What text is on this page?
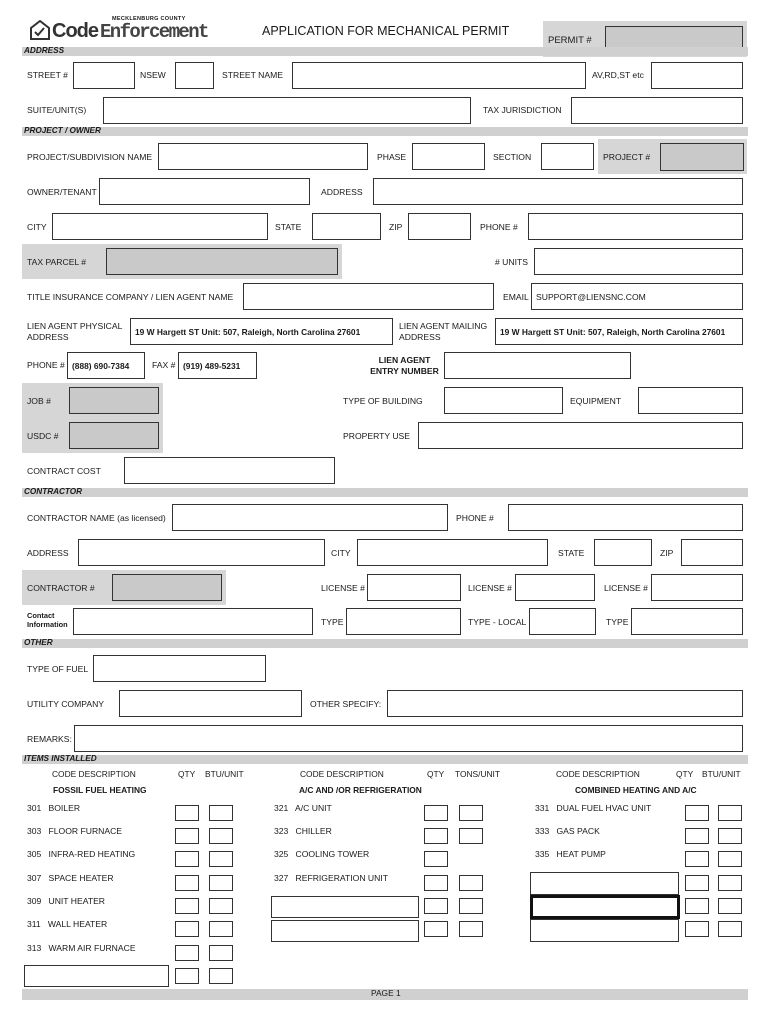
MECKLENBURG COUNTY
Code Enforcement	APPLICATION FOR MECHANICAL PERMIT
PERMIT #
ADDRESS
STREET #	NSEW	STREET NAME	AV,RD,ST etc
SUITE/UNIT(S)	TAX JURISDICTION
PROJECT / OWNER
PROJECT/SUBDIVISION NAME	PHASE	SECTION	PROJECT #
OWNER/TENANT	ADDRESS
CITY	STATE	ZIP	PHONE #
TAX PARCEL #	# UNITS
TITLE INSURANCE COMPANY / LIEN AGENT NAME	EMAIL SUPPORT@LIENSNC.COM
LIEN AGENT PHYSICAL ADDRESS
19 W Hargett ST Unit: 507, Raleigh, North Carolina 27601
LIEN AGENT MAILING ADDRESS
19 W Hargett ST Unit: 507, Raleigh, North Carolina 27601
PHONE # (888) 690-7384	FAX # (919) 489-5231
LIEN AGENT ENTRY NUMBER
JOB #
USDC #
TYPE OF BUILDING	EQUIPMENT
PROPERTY USE
CONTRACT COST
CONTRACTOR
CONTRACTOR NAME (as licensed)	PHONE #
ADDRESS	CITY	STATE	ZIP
CONTRACTOR #	LICENSE #	LICENSE #	LICENSE #
Contact Information	TYPE	TYPE - LOCAL	TYPE
OTHER
TYPE OF FUEL
UTILITY COMPANY	OTHER SPECIFY:
REMARKS:
ITEMS INSTALLED
CODE DESCRIPTION	QTY BTU/UNIT
FOSSIL FUEL HEATING
CODE DESCRIPTION	QTY TONS/UNIT
A/C AND /OR REFRIGERATION
CODE DESCRIPTION	QTY BTU/UNIT
COMBINED HEATING AND A/C
301   BOILER
303   FLOOR FURNACE
305   INFRA-RED HEATING
307   SPACE HEATER
309   UNIT HEATER
311   WALL HEATER
313   WARM AIR FURNACE
321   A/C UNIT
323   CHILLER
325   COOLING TOWER
327   REFRIGERATION UNIT
331   DUAL FUEL HVAC UNIT
333   GAS PACK
335   HEAT PUMP
PAGE 1
